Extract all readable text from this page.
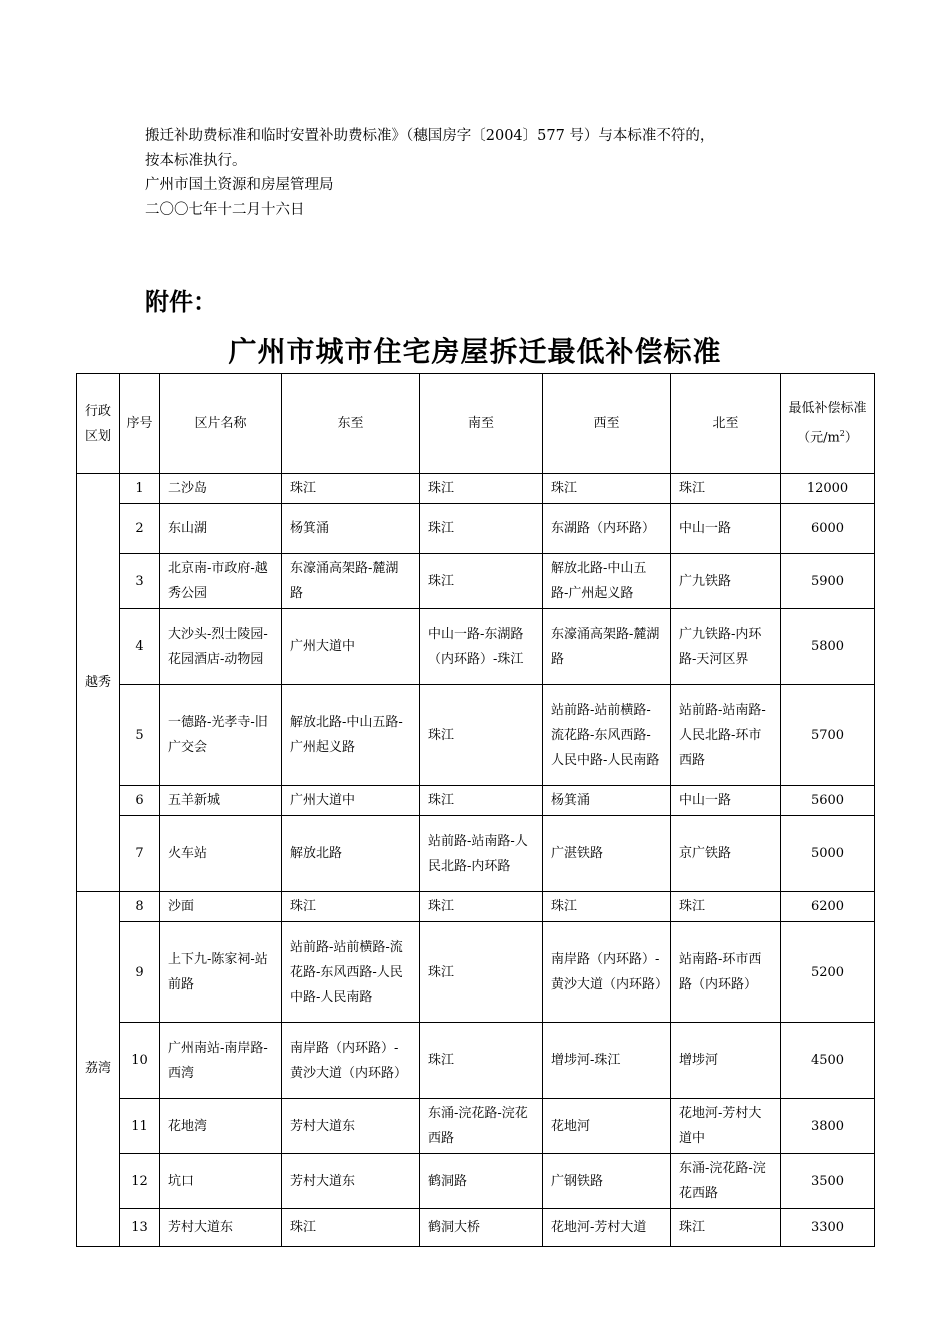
搬迁补助费标准和临时安置补助费标准》（穗国房字〔2004〕577 号）与本标准不符的，
按本标准执行。
广州市国土资源和房屋管理局
二〇〇七年十二月十六日
附件：
广州市城市住宅房屋拆迁最低补偿标准
行政区划	序号	区片名称	东至	南至	西至	北至	最低补偿标准
（元$/m^2$）

越秀	1	二沙岛	珠江	珠江	珠江	珠江	12000
	2	东山湖	杨箕涌	珠江	东湖路（内环路）	中山一路	6000
	3	北京南-市政府-越秀公园	东濠涌高架路-麓湖路	珠江	解放北路-中山五路-广州起义路	广九铁路	5900
	4	大沙头-烈士陵园-花园酒店-动物园	广州大道中	中山一路-东湖路（内环路）-珠江	东濠涌高架路-麓湖路	广九铁路-内环路-天河区界	5800
	5	一德路-光孝寺-旧广交会	解放北路-中山五路-广州起义路	珠江	站前路-站前横路-流花路-东风西路-人民中路-人民南路	站前路-站南路-人民北路-环市西路	5700
	6	五羊新城	广州大道中	珠江	杨箕涌	中山一路	5600
	7	火车站	解放北路	站前路-站南路-人民北路-内环路	广湛铁路	京广铁路	5000
荔湾	8	沙面	珠江	珠江	珠江	珠江	6200
	9	上下九-陈家祠-站前路	站前路-站前横路-流花路-东风西路-人民中路-人民南路	珠江	南岸路（内环路）-黄沙大道（内环路）	站南路-环市西路（内环路）	5200
	10	广州南站-南岸路-西湾	南岸路（内环路）-黄沙大道（内环路）	珠江	增埗河-珠江	增埗河	4500
	11	花地湾	芳村大道东	东涌-浣花路-浣花西路	花地河	花地河-芳村大道中	3800
	12	坑口	芳村大道东	鹤洞路	广钢铁路	东涌-浣花路-浣花西路	3500
	13	芳村大道东	珠江	鹤洞大桥	花地河-芳村大道	珠江	3300
